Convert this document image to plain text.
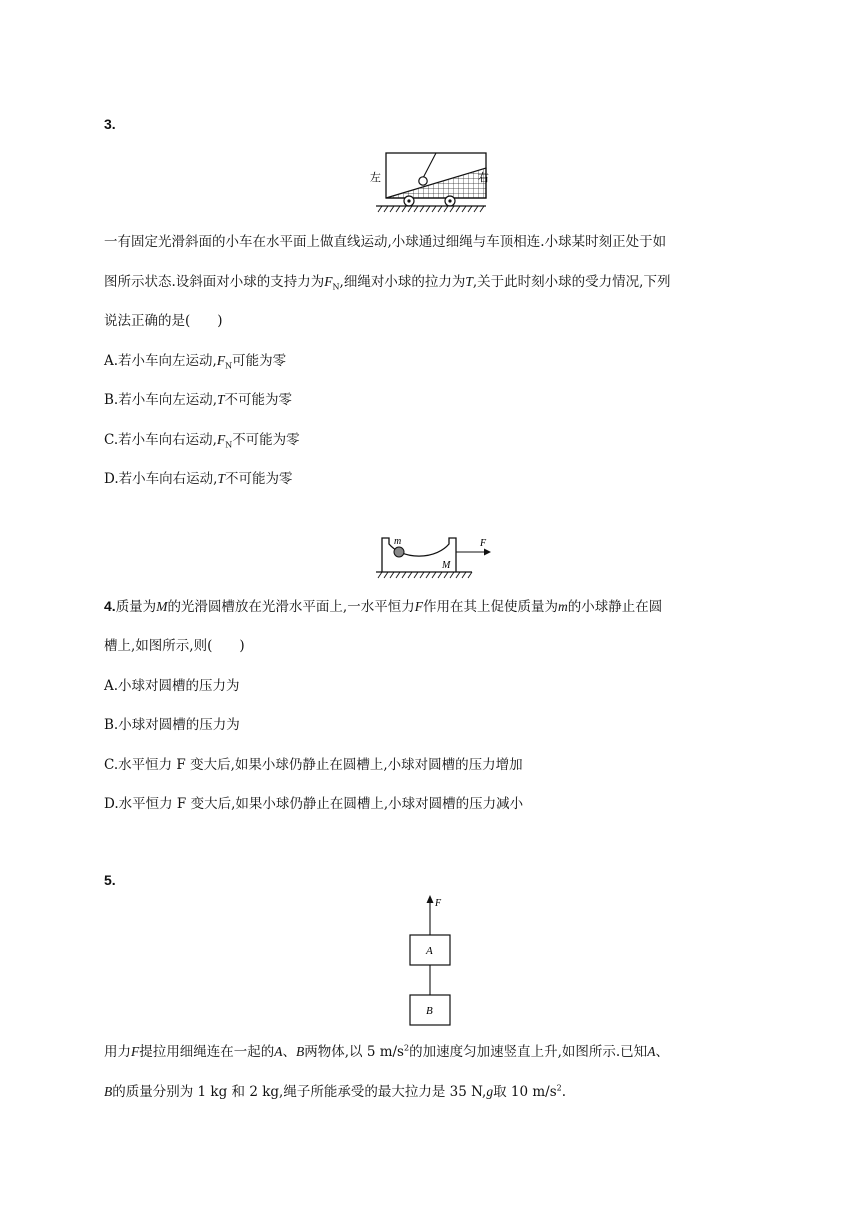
3.
左	右
一有固定光滑斜面的小车在水平面上做直线运动,小球通过细绳与车顶相连.小球某时刻正处于如
图所示状态.设斜面对小球的支持力为$F_N$,细绳对小球的拉力为T,关于此时刻小球的受力情况,下列
说法正确的是(　　)
A.若小车向左运动$,F_N$可能为零
B.若小车向左运动,T不可能为零
C.若小车向右运动$,F_N$不可能为零
D.若小车向右运动,T不可能为零
m
M
F
4.质量为M的光滑圆槽放在光滑水平面上,一水平恒力F作用在其上促使质量为m的小球静止在圆
槽上,如图所示,则(　　)
A.小球对圆槽的压力为
B.小球对圆槽的压力为
C.水平恒力 F 变大后,如果小球仍静止在圆槽上,小球对圆槽的压力增加
D.水平恒力 F 变大后,如果小球仍静止在圆槽上,小球对圆槽的压力减小
5.
F
A
B
用力F提拉用细绳连在一起的A、B两物体,以 5 $m/s^2$的加速度匀加速竖直上升,如图所示.已知A、
B的质量分别为 1 kg 和 2 kg,绳子所能承受的最大拉力是 35 N,g取 10 $m/s^2$.
